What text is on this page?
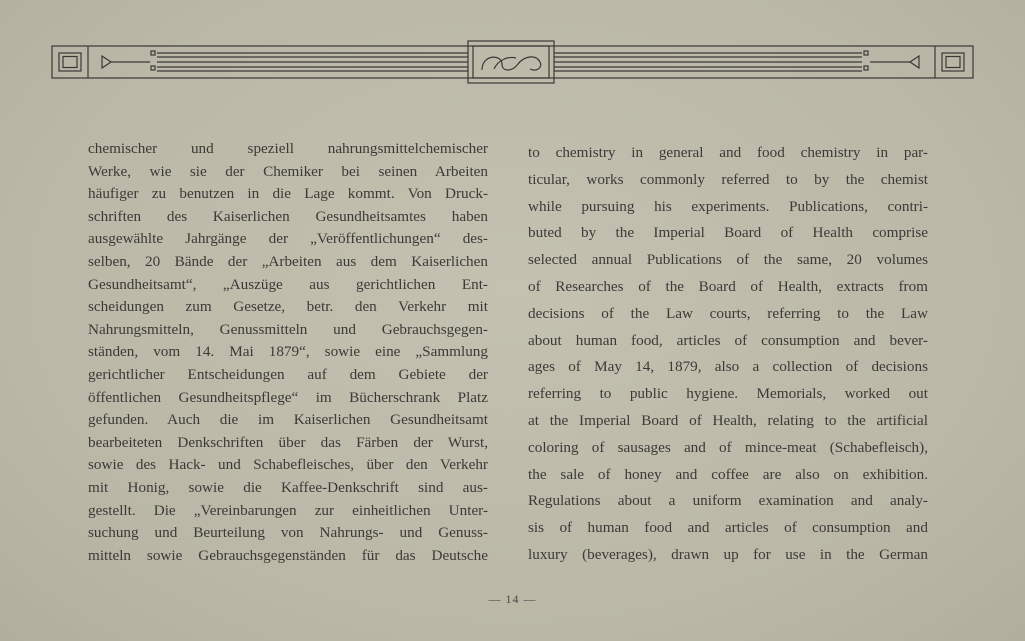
chemischer und speziell nahrungsmittelchemischer
Werke, wie sie der Chemiker bei seinen Arbeiten
häufiger zu benutzen in die Lage kommt. Von Druck-
schriften des Kaiserlichen Gesundheitsamtes haben
ausgewählte Jahrgänge der „Veröffentlichungen“ des-
selben, 20 Bände der „Arbeiten aus dem Kaiserlichen
Gesundheitsamt“, „Auszüge aus gerichtlichen Ent-
scheidungen zum Gesetze, betr. den Verkehr mit
Nahrungsmitteln, Genussmitteln und Gebrauchsgegen-
ständen, vom 14. Mai 1879“, sowie eine „Sammlung
gerichtlicher Entscheidungen auf dem Gebiete der
öffentlichen Gesundheitspflege“ im Bücherschrank Platz
gefunden. Auch die im Kaiserlichen Gesundheitsamt
bearbeiteten Denkschriften über das Färben der Wurst,
sowie des Hack- und Schabefleisches, über den Verkehr
mit Honig, sowie die Kaffee-Denkschrift sind aus-
gestellt. Die „Vereinbarungen zur einheitlichen Unter-
suchung und Beurteilung von Nahrungs- und Genuss-
mitteln sowie Gebrauchsgegenständen für das Deutsche
to chemistry in general and food chemistry in par-
ticular, works commonly referred to by the chemist
while pursuing his experiments. Publications, contri-
buted by the Imperial Board of Health comprise
selected annual Publications of the same, 20 volumes
of Researches of the Board of Health, extracts from
decisions of the Law courts, referring to the Law
about human food, articles of consumption and bever-
ages of May 14, 1879, also a collection of decisions
referring to public hygiene. Memorials, worked out
at the Imperial Board of Health, relating to the artificial
coloring of sausages and of mince-meat (Schabefleisch),
the sale of honey and coffee are also on exhibition.
Regulations about a uniform examination and analy-
sis of human food and articles of consumption and
luxury (beverages), drawn up for use in the German
— 14 —
